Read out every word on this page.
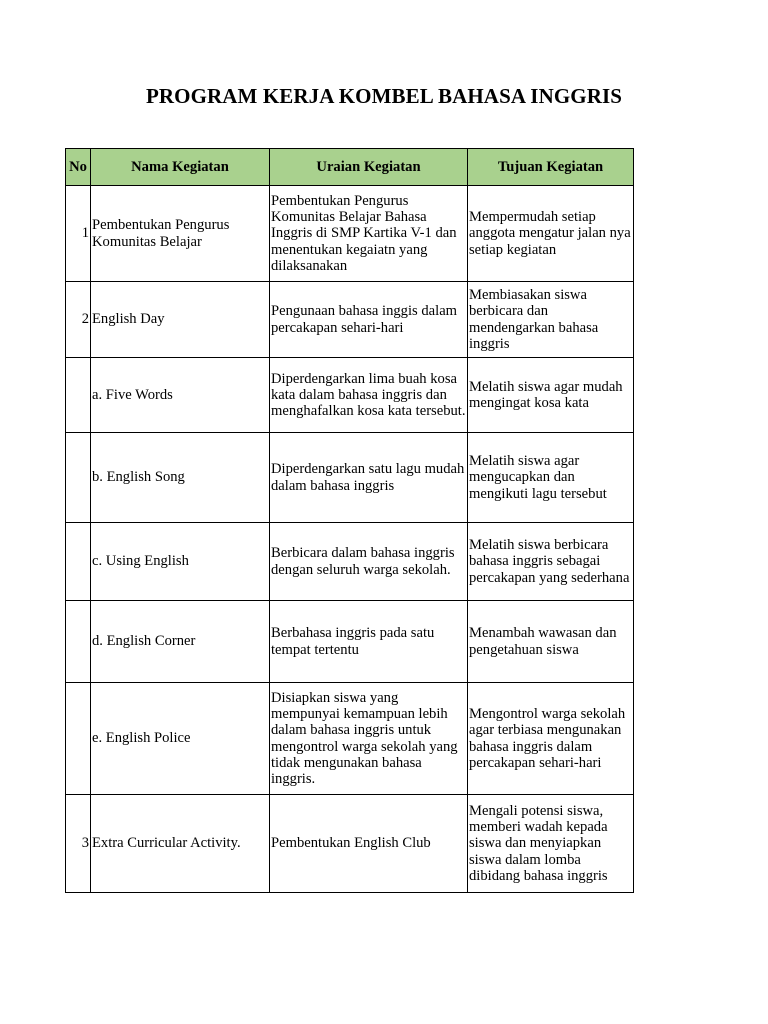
PROGRAM KERJA KOMBEL BAHASA INGGRIS
No	Nama Kegiatan	Uraian Kegiatan	Tujuan Kegiatan
1	Pembentukan Pengurus Komunitas Belajar	Pembentukan Pengurus Komunitas Belajar Bahasa Inggris di SMP Kartika V-1 dan menentukan kegaiatn yang dilaksanakan	Mempermudah setiap anggota mengatur jalan nya setiap kegiatan
2	English Day	Pengunaan bahasa inggis dalam percakapan sehari-hari	Membiasakan siswa berbicara dan mendengarkan bahasa inggris
	a. Five Words	Diperdengarkan lima buah kosa kata dalam bahasa inggris dan menghafalkan kosa kata tersebut.	Melatih siswa agar mudah mengingat kosa kata
	b. English Song	Diperdengarkan satu lagu mudah dalam bahasa inggris	Melatih siswa agar mengucapkan dan mengikuti lagu tersebut
	c. Using English	Berbicara dalam bahasa inggris dengan seluruh warga sekolah.	Melatih siswa berbicara bahasa inggris sebagai percakapan yang sederhana
	d. English Corner	Berbahasa inggris pada satu tempat tertentu	Menambah wawasan dan pengetahuan siswa
	e. English Police	Disiapkan siswa yang mempunyai kemampuan lebih dalam bahasa inggris untuk mengontrol warga sekolah yang tidak mengunakan bahasa inggris.	Mengontrol warga sekolah agar terbiasa mengunakan bahasa inggris dalam percakapan sehari-hari
3	Extra Curricular Activity.	Pembentukan English Club	Mengali potensi siswa, memberi wadah kepada siswa dan menyiapkan siswa dalam lomba dibidang bahasa inggris
